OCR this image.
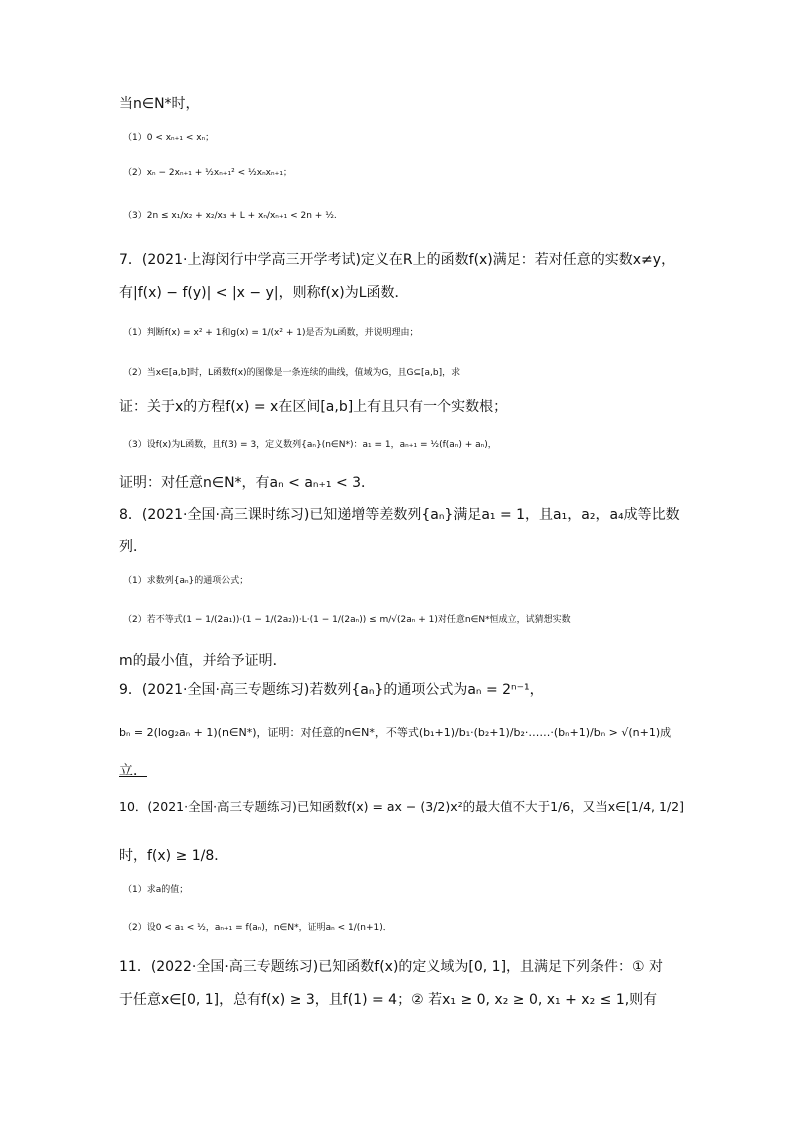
当n∈N*时，
（1）0 < xₙ₊₁ < xₙ；
（2）xₙ − 2xₙ₊₁ + ½xₙ₊₁² < ½xₙxₙ₊₁；
（3）2n ≤ x₁/x₂ + x₂/x₃ + L + xₙ/xₙ₊₁ < 2n + ½.
7．(2021·上海闵行中学高三开学考试)定义在R上的函数f(x)满足：若对任意的实数x≠y，
有|f(x) − f(y)| < |x − y|，则称f(x)为L函数．
（1）判断f(x) = x² + 1和g(x) = 1/(x² + 1)是否为L函数，并说明理由；
（2）当x∈[a,b]时，L函数f(x)的图像是一条连续的曲线，值域为G，且G⊆[a,b]，求
证：关于x的方程f(x) = x在区间[a,b]上有且只有一个实数根；
（3）设f(x)为L函数，且f(3) = 3，定义数列{aₙ}(n∈N*)：a₁ = 1，aₙ₊₁ = ½(f(aₙ) + aₙ)，
证明：对任意n∈N*，有aₙ < aₙ₊₁ < 3．
8．(2021·全国·高三课时练习)已知递增等差数列{aₙ}满足a₁ = 1，且a₁，a₂，a₄成等比数
列．
（1）求数列{aₙ}的通项公式；
（2）若不等式(1 − 1/(2a₁))·(1 − 1/(2a₂))·L·(1 − 1/(2aₙ)) ≤ m/√(2aₙ + 1)对任意n∈N*恒成立，试猜想实数
m的最小值，并给予证明．
9．(2021·全国·高三专题练习)若数列{aₙ}的通项公式为aₙ = 2ⁿ⁻¹，
bₙ = 2(log₂aₙ + 1)(n∈N*)，证明：对任意的n∈N*，不等式(b₁+1)/b₁·(b₂+1)/b₂·……·(bₙ+1)/bₙ > √(n+1)成
立．
10．(2021·全国·高三专题练习)已知函数f(x) = ax − (3/2)x²的最大值不大于1/6，又当x∈[1/4, 1/2]
时，f(x) ≥ 1/8．
（1）求a的值；
（2）设0 < a₁ < ½，aₙ₊₁ = f(aₙ)，n∈N*，证明aₙ < 1/(n+1)．
11．(2022·全国·高三专题练习)已知函数f(x)的定义域为[0, 1]，且满足下列条件：① 对
于任意x∈[0, 1]，总有f(x) ≥ 3，且f(1) = 4；② 若x₁ ≥ 0, x₂ ≥ 0, x₁ + x₂ ≤ 1,则有
